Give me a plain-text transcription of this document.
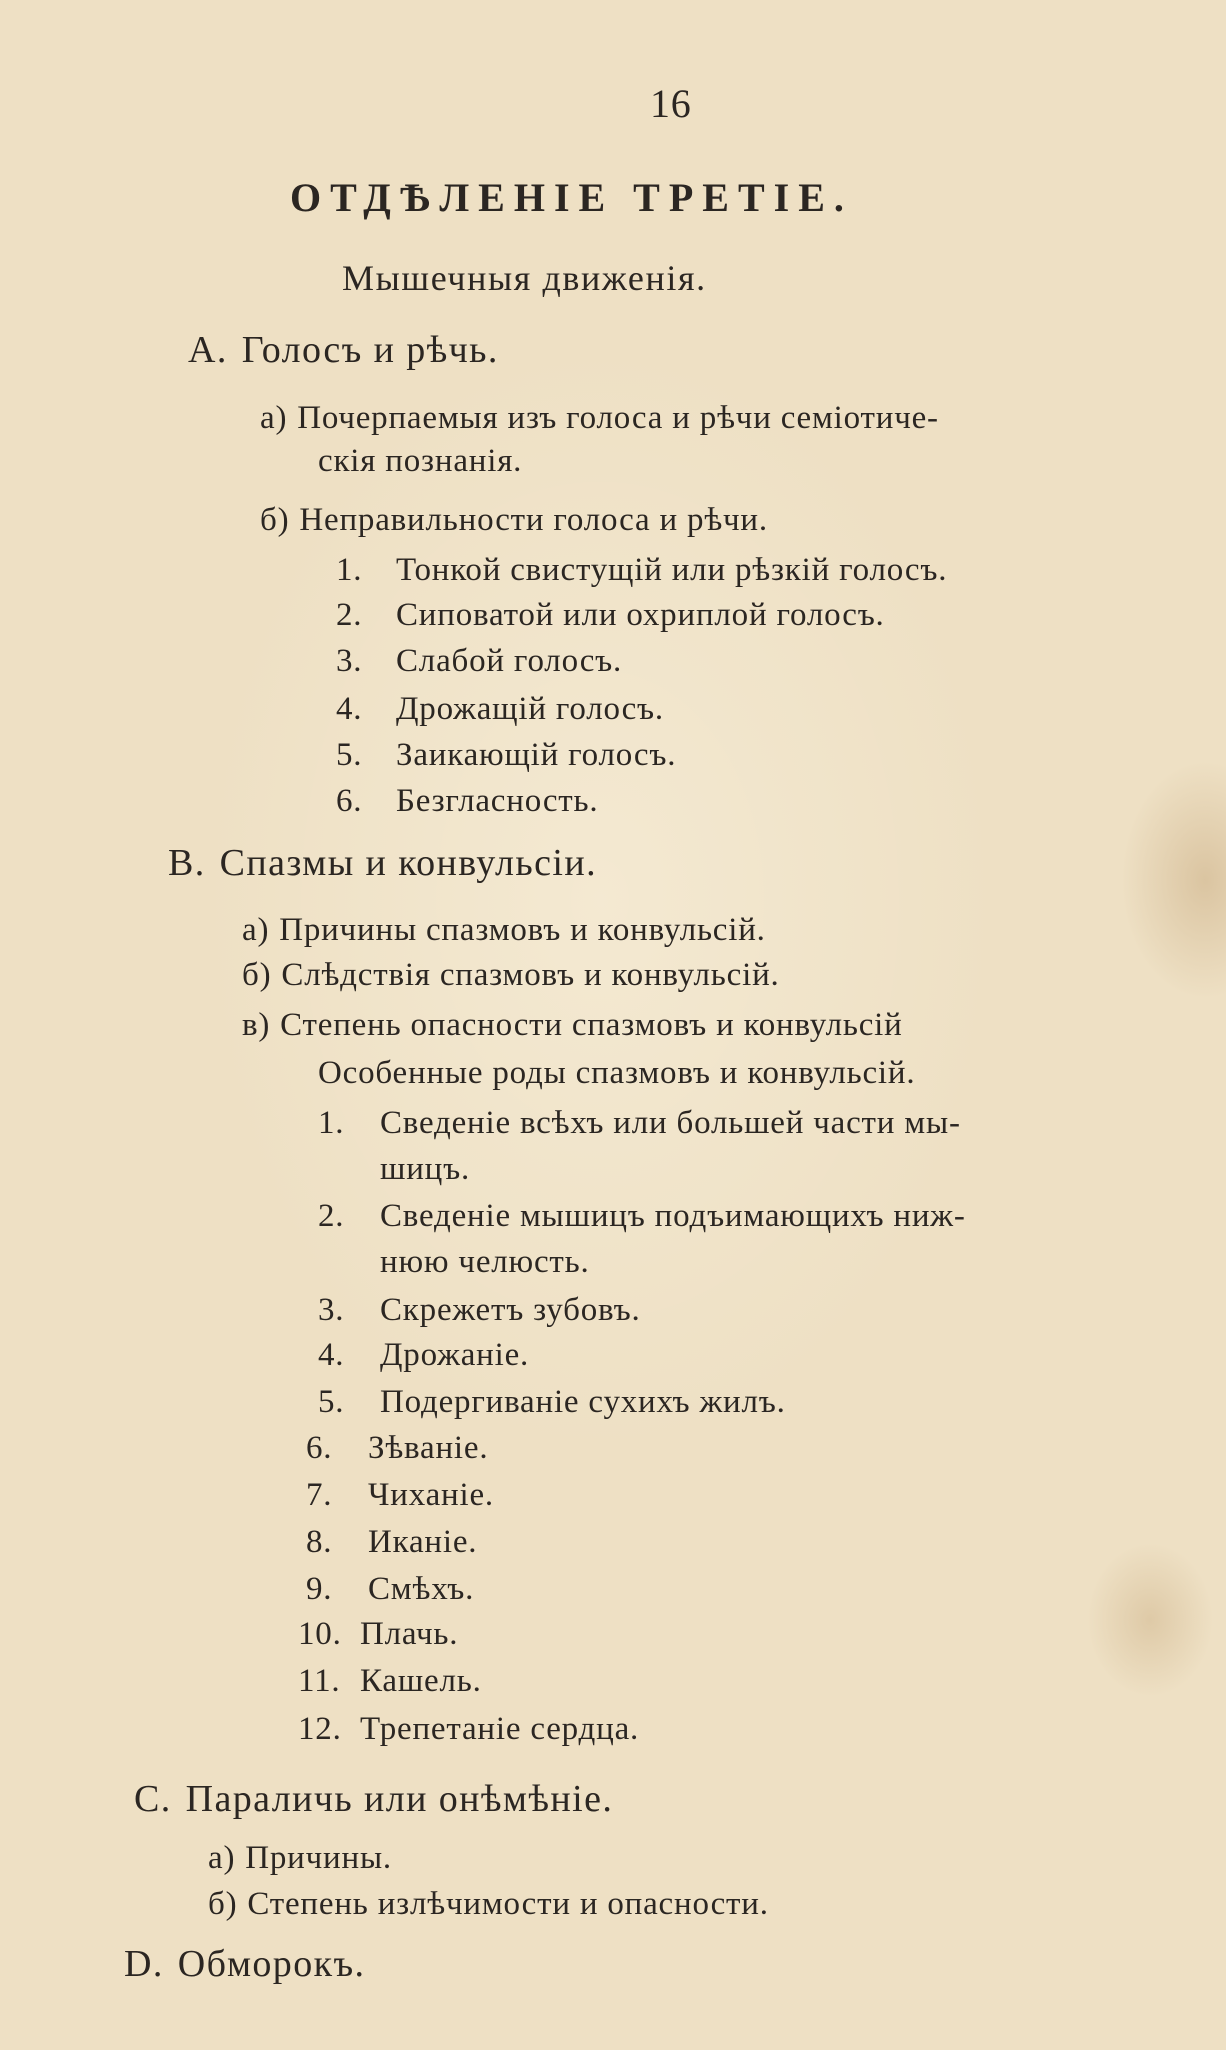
16
ОТДѢЛЕНІЕ ТРЕТІЕ.
Мышечныя движенія.
A. Голосъ и рѣчь.
а) Почерпаемыя изъ голоса и рѣчи семіотиче-
скія познанія.
б) Неправильности голоса и рѣчи.
1. Тонкой свистущій или рѣзкій голосъ.
2. Сиповатой или охриплой голосъ.
3. Слабой голосъ.
4. Дрожащій голосъ.
5. Заикающій голосъ.
6. Безгласность.
B. Спазмы и конвульсіи.
а) Причины спазмовъ и конвульсій.
б) Слѣдствія спазмовъ и конвульсій.
в) Степень опасности спазмовъ и конвульсій
Особенные роды спазмовъ и конвульсій.
1. Сведеніе всѣхъ или большей части мы-
шицъ.
2. Сведеніе мышицъ подъимающихъ ниж-
нюю челюсть.
3. Скрежетъ зубовъ.
4. Дрожаніе.
5. Подергиваніе сухихъ жилъ.
6. Зѣваніе.
7. Чиханіе.
8. Иканіе.
9. Смѣхъ.
10. Плачь.
11. Кашель.
12. Трепетаніе сердца.
C. Параличь или онѣмѣніе.
а) Причины.
б) Степень излѣчимости и опасности.
D. Обморокъ.
